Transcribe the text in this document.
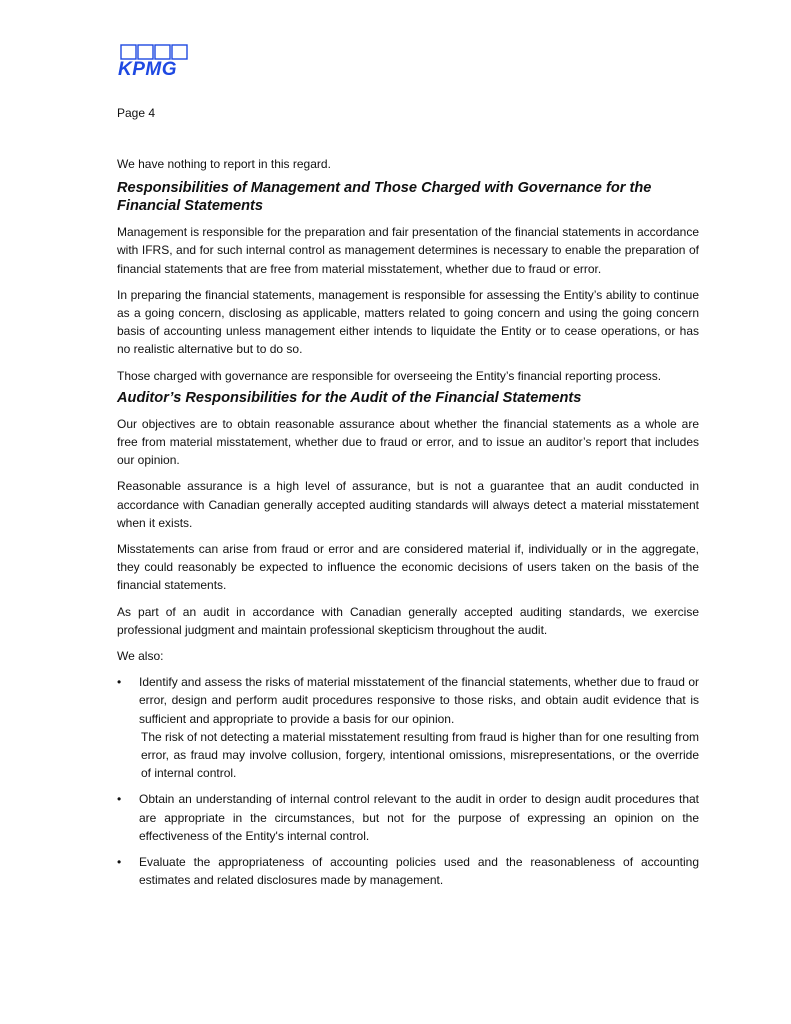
KPMG

Page 4

We have nothing to report in this regard.

Responsibilities of Management and Those Charged with Governance for the Financial Statements

Management is responsible for the preparation and fair presentation of the financial statements in accordance with IFRS, and for such internal control as management determines is necessary to enable the preparation of financial statements that are free from material misstatement, whether due to fraud or error.

In preparing the financial statements, management is responsible for assessing the Entity’s ability to continue as a going concern, disclosing as applicable, matters related to going concern and using the going concern basis of accounting unless management either intends to liquidate the Entity or to cease operations, or has no realistic alternative but to do so.

Those charged with governance are responsible for overseeing the Entity’s financial reporting process.

Auditor’s Responsibilities for the Audit of the Financial Statements

Our objectives are to obtain reasonable assurance about whether the financial statements as a whole are free from material misstatement, whether due to fraud or error, and to issue an auditor’s report that includes our opinion.

Reasonable assurance is a high level of assurance, but is not a guarantee that an audit conducted in accordance with Canadian generally accepted auditing standards will always detect a material misstatement when it exists.

Misstatements can arise from fraud or error and are considered material if, individually or in the aggregate, they could reasonably be expected to influence the economic decisions of users taken on the basis of the financial statements.

As part of an audit in accordance with Canadian generally accepted auditing standards, we exercise professional judgment and maintain professional skepticism throughout the audit.

We also:

• Identify and assess the risks of material misstatement of the financial statements, whether due to fraud or error, design and perform audit procedures responsive to those risks, and obtain audit evidence that is sufficient and appropriate to provide a basis for our opinion.

The risk of not detecting a material misstatement resulting from fraud is higher than for one resulting from error, as fraud may involve collusion, forgery, intentional omissions, misrepresentations, or the override of internal control.

• Obtain an understanding of internal control relevant to the audit in order to design audit procedures that are appropriate in the circumstances, but not for the purpose of expressing an opinion on the effectiveness of the Entity's internal control.

• Evaluate the appropriateness of accounting policies used and the reasonableness of accounting estimates and related disclosures made by management.
